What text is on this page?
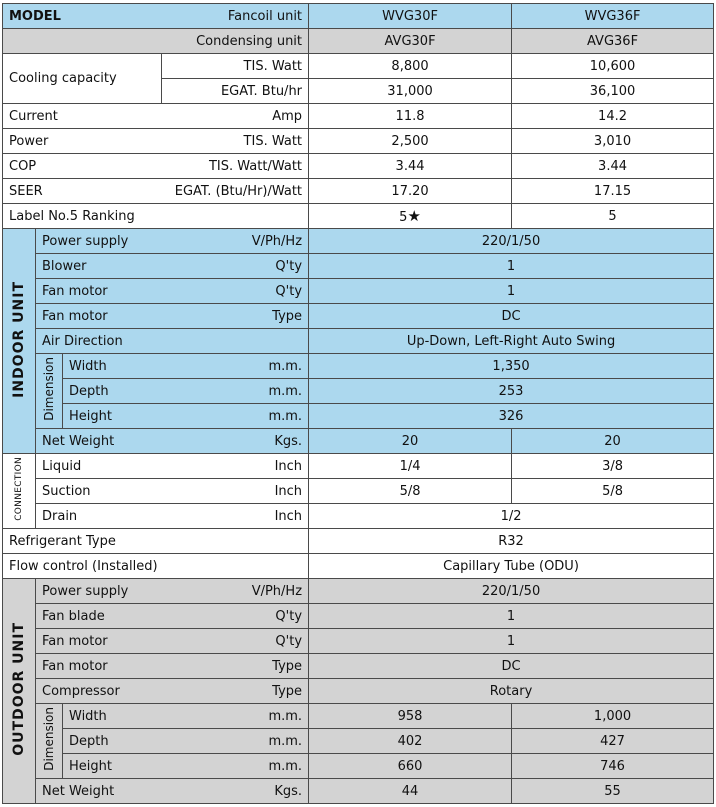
MODEL Fancoil unit				WVG30F	WVG36F
Condensing unit				AVG30F	AVG36F
Cooling capacity			TIS. Watt	8,800	10,600
			EGAT. Btu/hr	31,000	36,100

Current Amp				11.8	14.2

Power TIS. Watt				2,500	3,010

COP TIS. Watt/Watt				3.44	3.44

SEER EGAT. (Btu/Hr)/Watt				17.20	17.15
Label No.5 Ranking				5★	5
INDOOR UNIT	Power supply V/Ph/Hz			220/1/50	

	Blower Q'ty			1	

	Fan motor Q'ty			1	

	Fan motor Type			DC	
	Air Direction			Up-Down, Left-Right Auto Swing	
	Dimension	Width m.m.		1,350	

		Depth m.m.		253	

		Height m.m.		326	

	Net Weight Kgs.			20	20
CONNECTION	Liquid Inch			1/4	3/8

	Suction Inch			5/8	5/8

	Drain Inch			1/2	
Refrigerant Type				R32	
Flow control (Installed)				Capillary Tube (ODU)	
OUTDOOR UNIT	Power supply V/Ph/Hz			220/1/50	

	Fan blade Q'ty			1	

	Fan motor Q'ty			1	

	Fan motor Type			DC	

	Compressor Type			Rotary	
	Dimension	Width m.m.		958	1,000

		Depth m.m.		402	427

		Height m.m.		660	746

	Net Weight Kgs.			44	55
